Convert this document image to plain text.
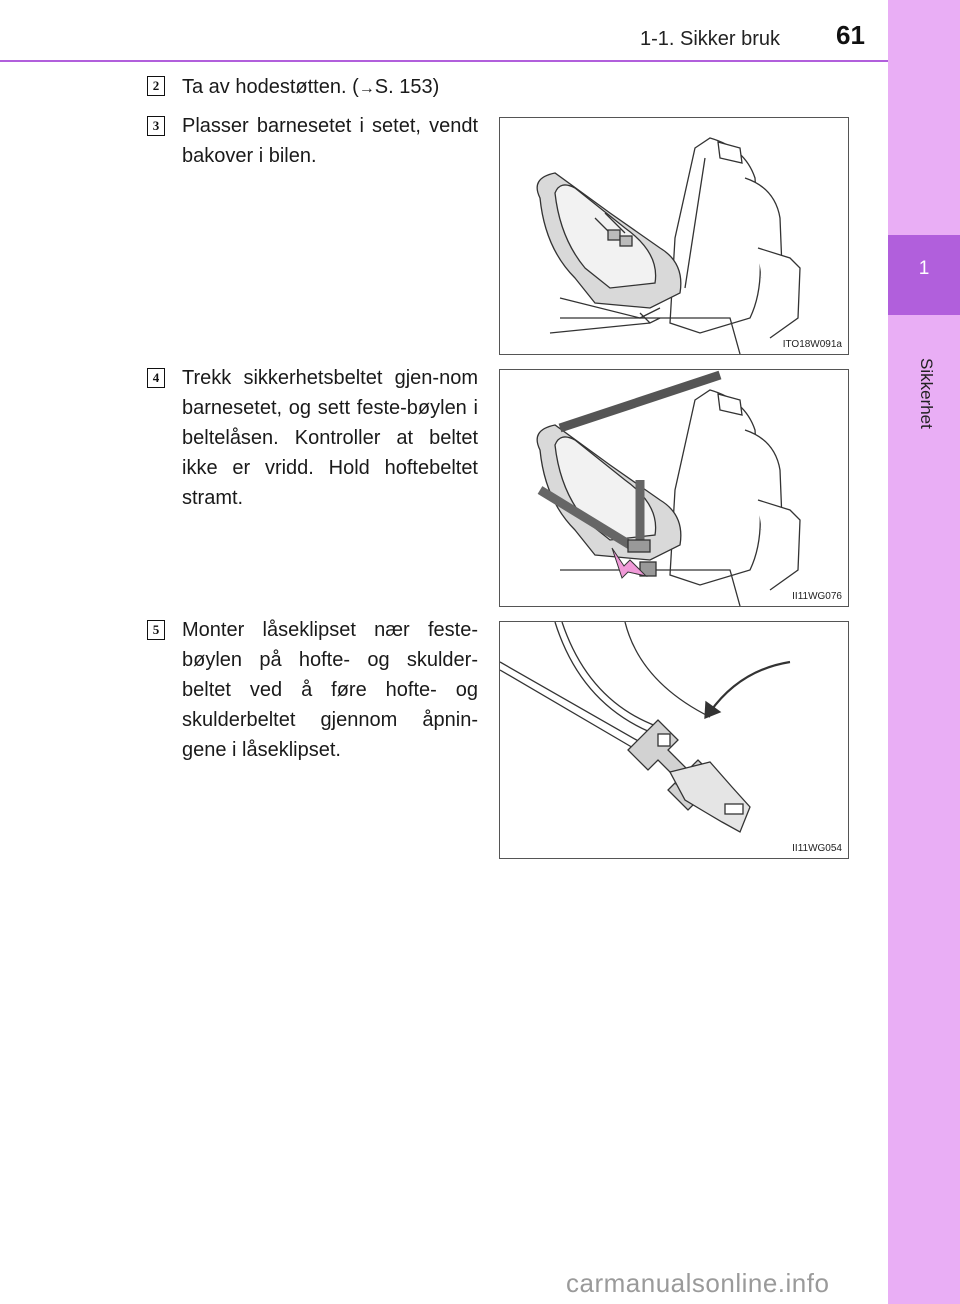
1-1. Sikker bruk 61
1
Sikkerhet
2 Ta av hodestøtten. (→S. 153)
3 Plasser barnesetet i setet, vendt bakover i bilen.
ITO18W091a
4 Trekk sikkerhetsbeltet gjen-nom barnesetet, og sett feste-bøylen i beltelåsen. Kontroller at beltet ikke er vridd. Hold hoftebeltet stramt.
II11WG076
5 Monter låseklipset nær feste-bøylen på hofte- og skulder-beltet ved å føre hofte- og skulderbeltet gjennom åpnin-gene i låseklipset.
II11WG054
carmanualsonline.info
